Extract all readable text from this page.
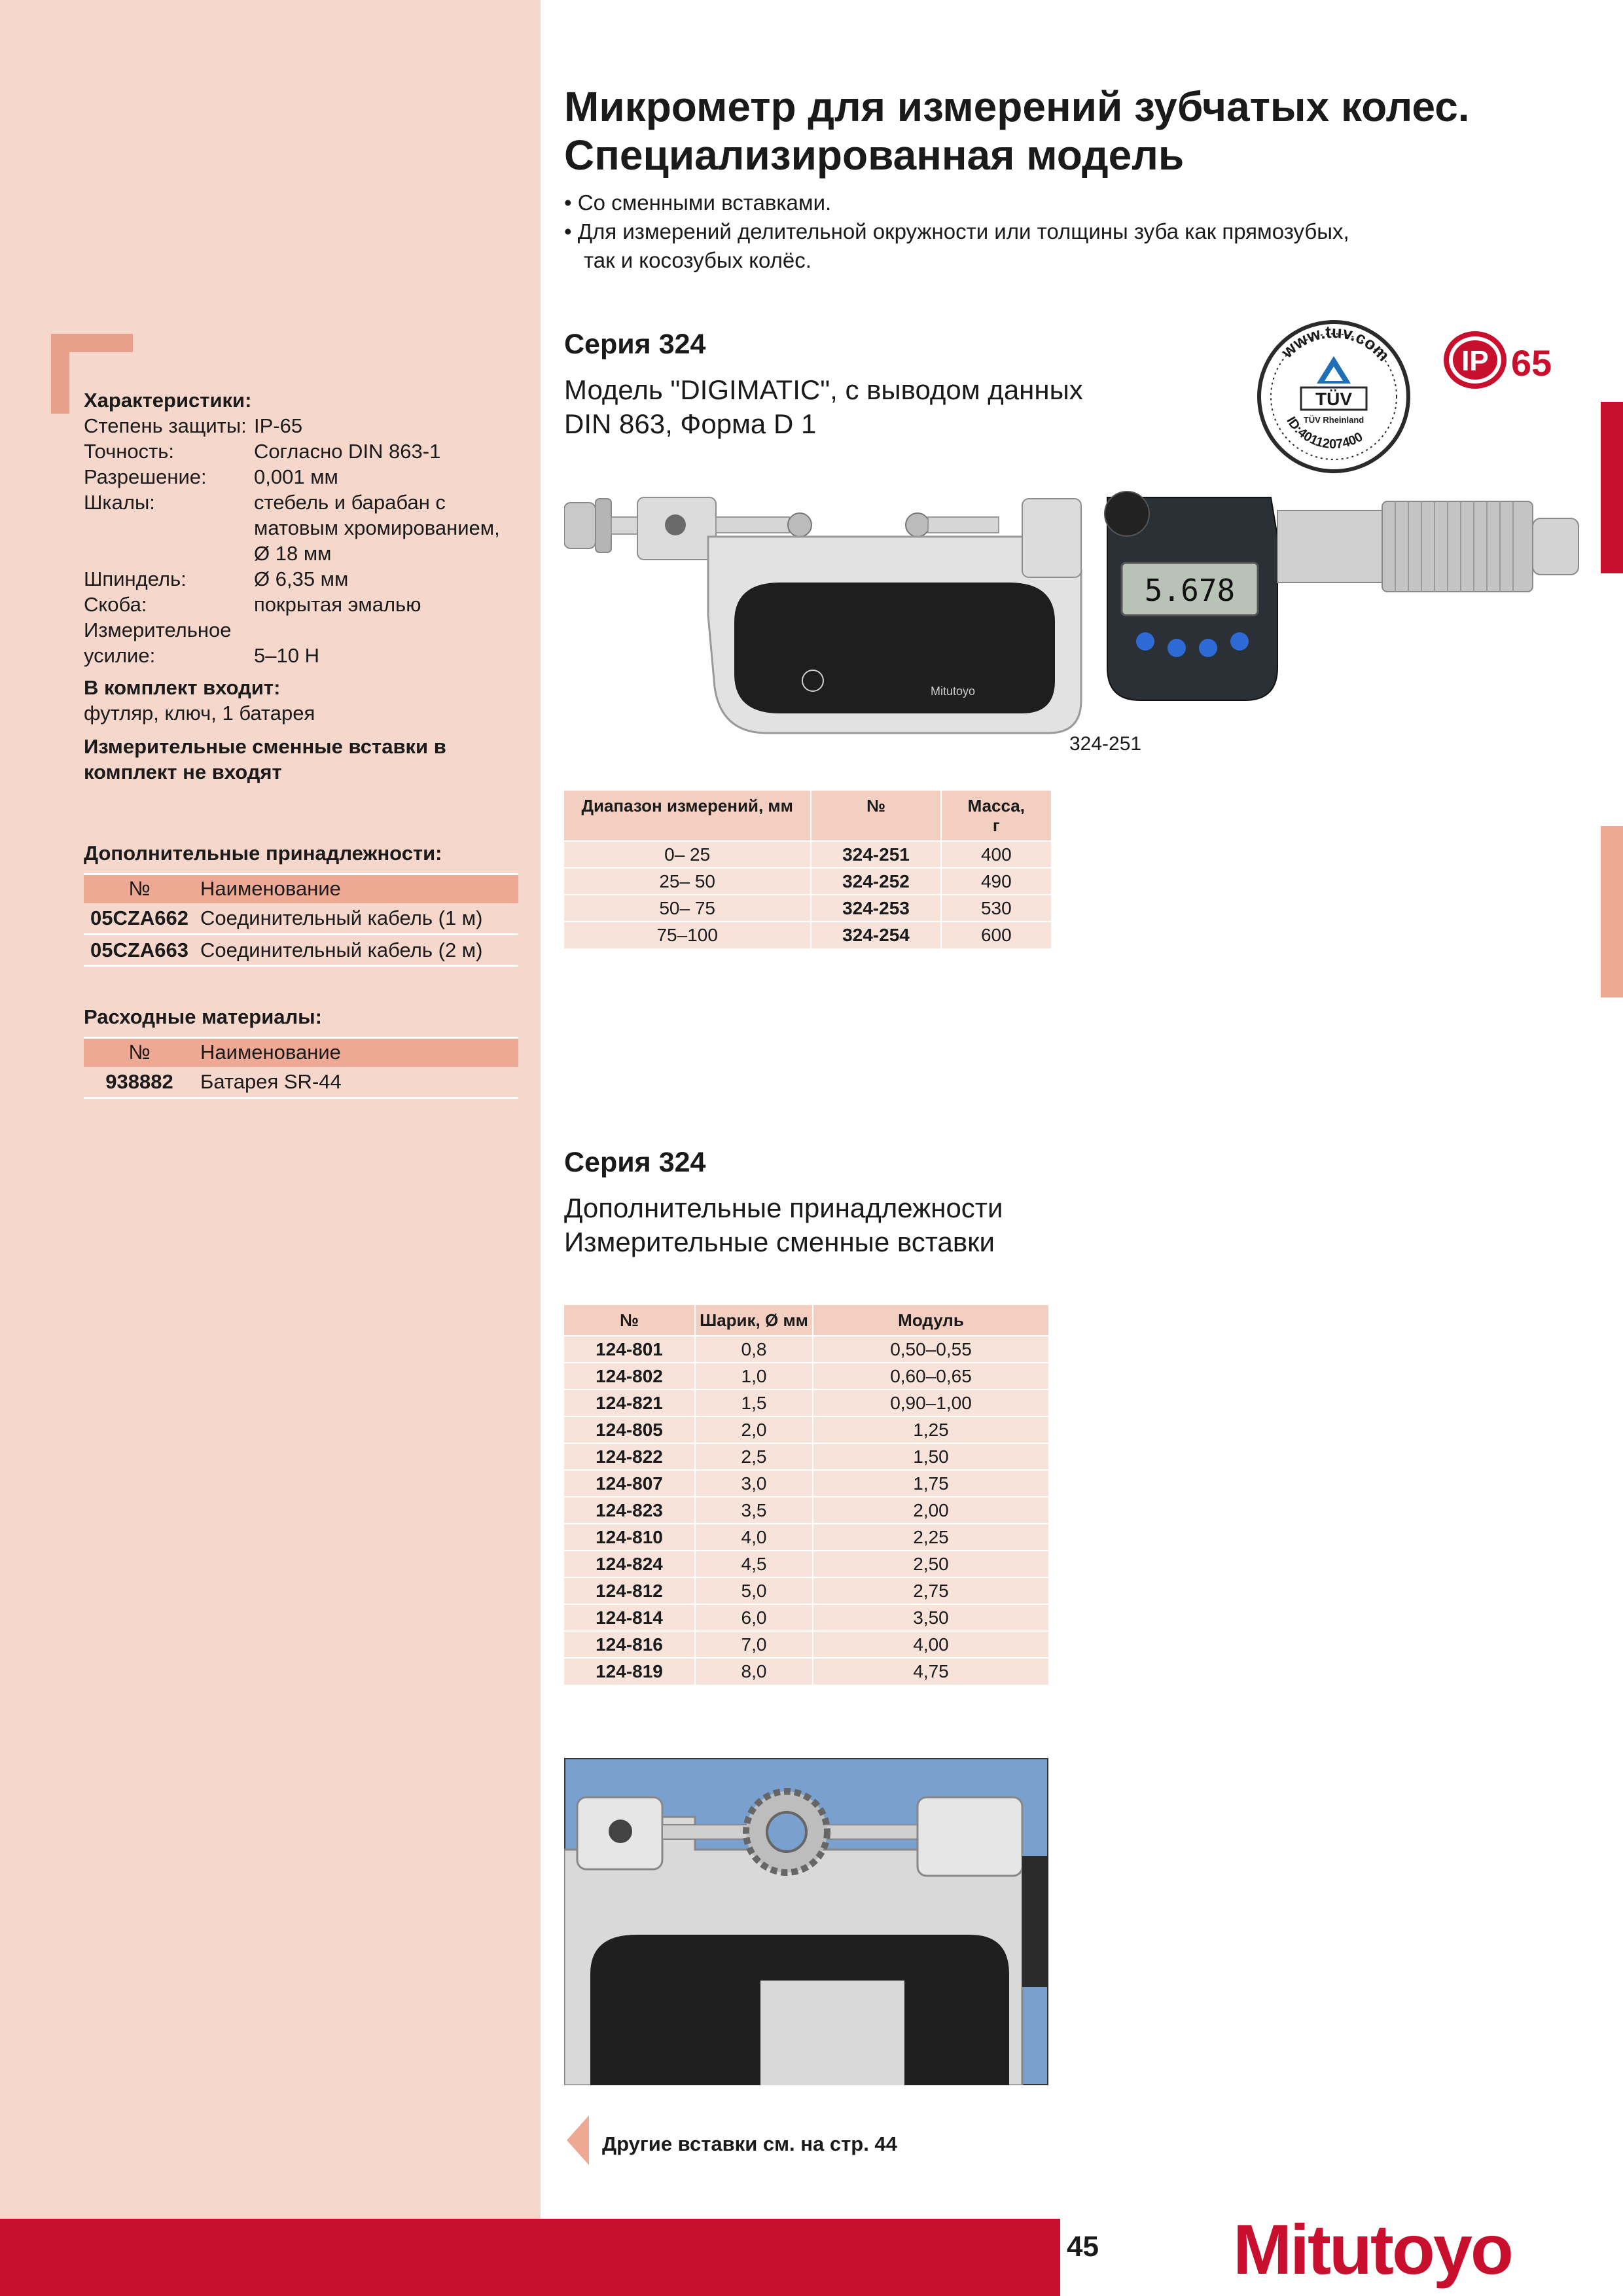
Характеристики:
Степень защиты: IP-65
Точность:	Согласно DIN 863-1
Разрешение:	0,001 мм
Шкалы:	стебель и барабан с матовым хромированием, Ø 18 мм
Шпиндель:	Ø 6,35 мм
Скоба:	покрытая эмалью
Измерительное усилие:	5–10 Н
В комплект входит:
футляр, ключ, 1 батарея
Измерительные сменные вставки в комплект не входят
Дополнительные принадлежности:
№	Наименование
05CZA662	Соединительный кабель (1 м)
05CZA663	Соединительный кабель (2 м)
Расходные материалы:
№	Наименование
938882	Батарея SR-44
Микрометр для измерений зубчатых колес.
Специализированная модель
• Со сменными вставками.
• Для измерений делительной окружности или толщины зуба как прямозубых, так и косозубых колёс.
Серия 324
Модель "DIGIMATIC", с выводом данных
DIN 863, Форма D 1
www.tuv.com
ID:4011207400
TÜV
TÜV Rheinland
IP 65
Mitutoyo
5.678
324-251
Диапазон измерений, мм	№	Масса, г
0– 25	324-251	400
25– 50	324-252	490
50– 75	324-253	530
75–100	324-254	600
Серия 324
Дополнительные принадлежности
Измерительные сменные вставки
№	Шарик, Ø мм	Модуль
124-801	0,8	0,50–0,55
124-802	1,0	0,60–0,65
124-821	1,5	0,90–1,00
124-805	2,0	1,25
124-822	2,5	1,50
124-807	3,0	1,75
124-823	3,5	2,00
124-810	4,0	2,25
124-824	4,5	2,50
124-812	5,0	2,75
124-814	6,0	3,50
124-816	7,0	4,00
124-819	8,0	4,75
Другие вставки см. на стр. 44
45 Mitutoyo
